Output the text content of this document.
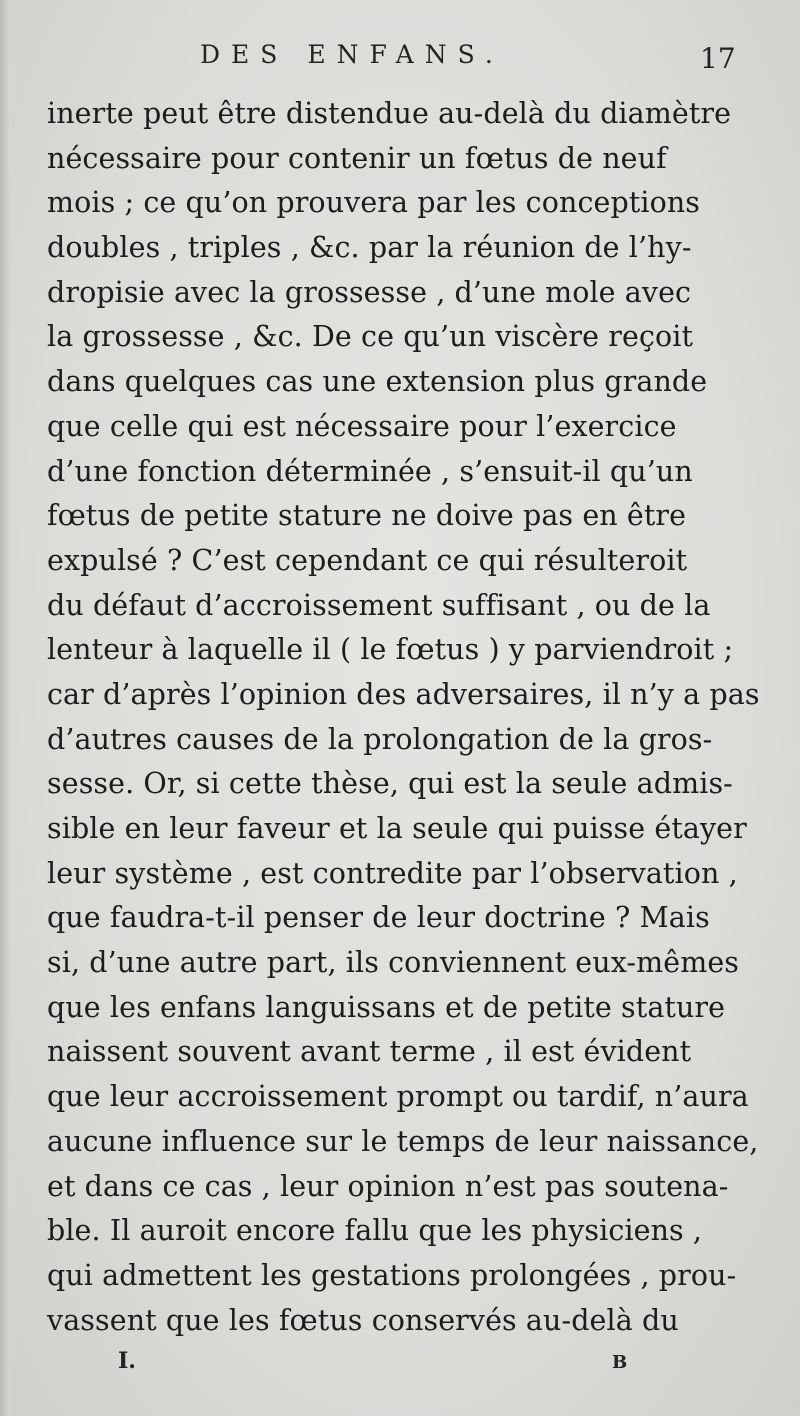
DES ENFANS.	17
inerte peut être distendue au-delà du diamètre
nécessaire pour contenir un fœtus de neuf
mois ; ce qu’on prouvera par les conceptions
doubles , triples , &c. par la réunion de l’hy-
dropisie avec la grossesse , d’une mole avec
la grossesse , &c. De ce qu’un viscère reçoit
dans quelques cas une extension plus grande
que celle qui est nécessaire pour l’exercice
d’une fonction déterminée , s’ensuit-il qu’un
fœtus de petite stature ne doive pas en être
expulsé ? C’est cependant ce qui résulteroit
du défaut d’accroissement suffisant , ou de la
lenteur à laquelle il ( le fœtus ) y parviendroit ;
car d’après l’opinion des adversaires, il n’y a pas
d’autres causes de la prolongation de la gros-
sesse. Or, si cette thèse, qui est la seule admis-
sible en leur faveur et la seule qui puisse étayer
leur système , est contredite par l’observation ,
que faudra-t-il penser de leur doctrine ? Mais
si, d’une autre part, ils conviennent eux-mêmes
que les enfans languissans et de petite stature
naissent souvent avant terme , il est évident
que leur accroissement prompt ou tardif, n’aura
aucune influence sur le temps de leur naissance,
et dans ce cas , leur opinion n’est pas soutena-
ble. Il auroit encore fallu que les physiciens ,
qui admettent les gestations prolongées , prou-
vassent que les fœtus conservés au-delà du
I.	B
